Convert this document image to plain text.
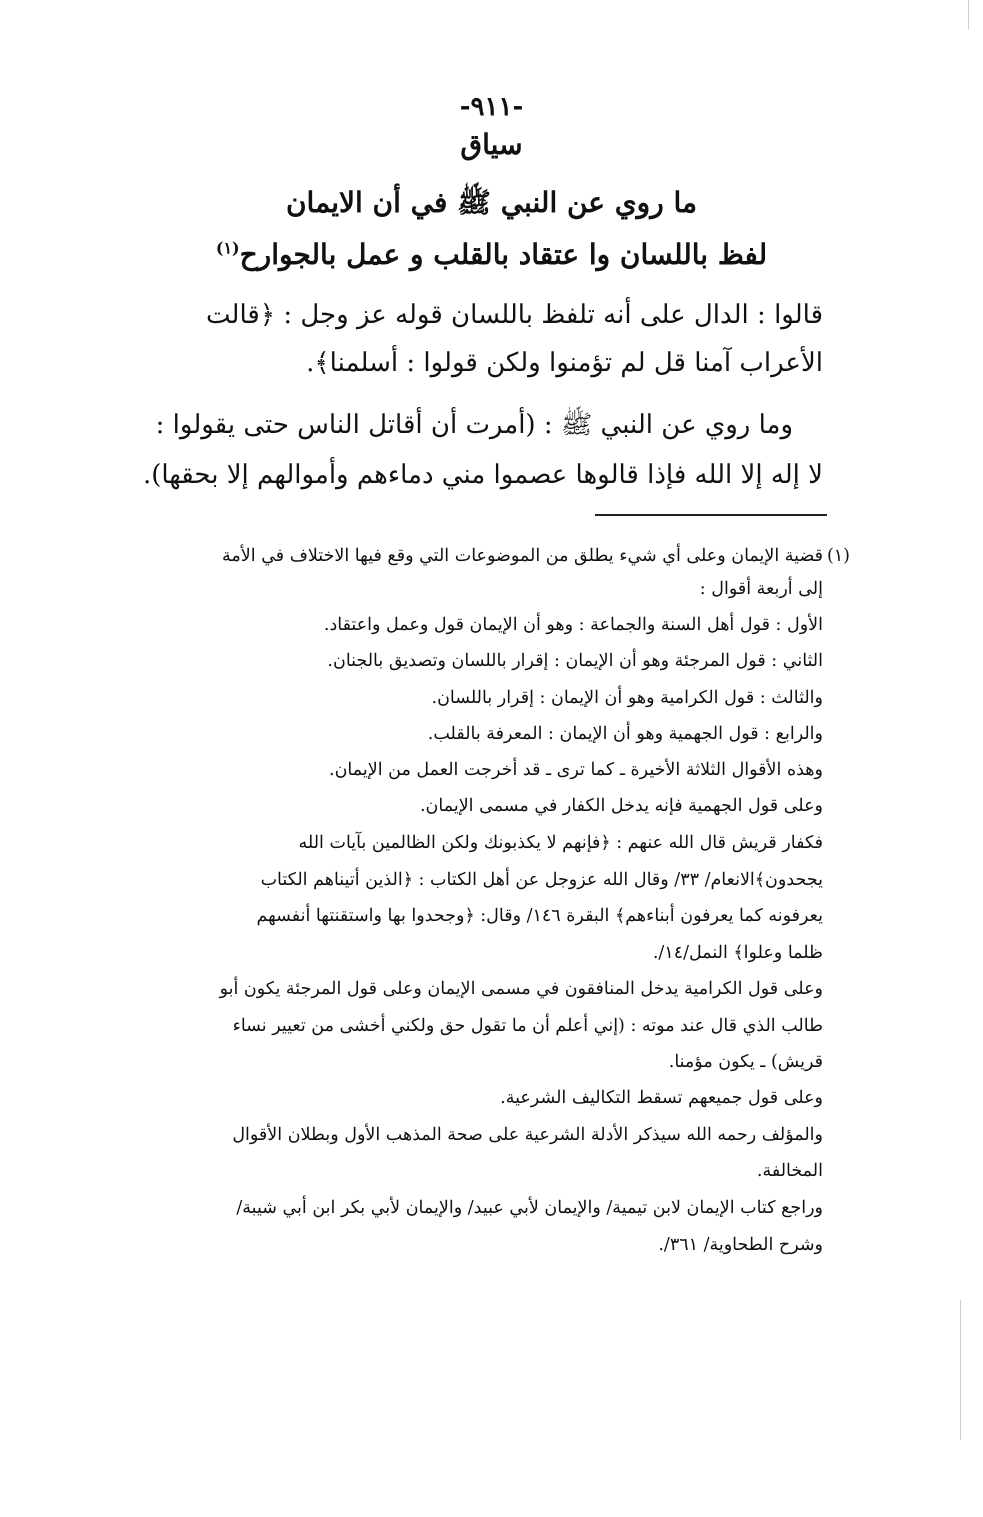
-٩١١-
سياق
ما روي عن النبي ﷺ في أن الايمان
لفظ باللسان وا عتقاد بالقلب و عمل بالجوارح$^{(١)}$
قالوا : الدال على أنه تلفظ باللسان قوله عز وجل : ﴿قالت
الأعراب آمنا قل لم تؤمنوا ولكن قولوا : أسلمنا﴾.
وما روي عن النبي ﷺ : (أمرت أن أقاتل الناس حتى يقولوا :
لا إله إلا الله فإذا قالوها عصموا مني دماءهم وأموالهم إلا بحقها).
(١)
قضية الإيمان وعلى أي شيء يطلق من الموضوعات التي وقع فيها الاختلاف في الأمة
إلى أربعة أقوال :
الأول : قول أهل السنة والجماعة : وهو أن الإيمان قول وعمل واعتقاد.
الثاني : قول المرجئة وهو أن الإيمان : إقرار باللسان وتصديق بالجنان.
والثالث : قول الكرامية وهو أن الإيمان : إقرار باللسان.
والرابع : قول الجهمية وهو أن الإيمان : المعرفة بالقلب.
وهذه الأقوال الثلاثة الأخيرة ـ كما ترى ـ قد أخرجت العمل من الإيمان.
وعلى قول الجهمية فإنه يدخل الكفار في مسمى الإيمان.
فكفار قريش قال الله عنهم : ﴿فإنهم لا يكذبونك ولكن الظالمين بآيات الله
يجحدون﴾الانعام/ ٣٣/ وقال الله عزوجل عن أهل الكتاب : ﴿الذين أتيناهم الكتاب
يعرفونه كما يعرفون أبناءهم﴾ البقرة ١٤٦/ وقال: ﴿وجحدوا بها واستقنتها أنفسهم
ظلما وعلوا﴾ النمل/١٤/.
وعلى قول الكرامية يدخل المنافقون في مسمى الإيمان وعلى قول المرجئة يكون أبو
طالب الذي قال عند موته : (إني أعلم أن ما تقول حق ولكني أخشى من تعيير نساء
قريش) ـ يكون مؤمنا.
وعلى قول جميعهم تسقط التكاليف الشرعية.
والمؤلف رحمه الله سيذكر الأدلة الشرعية على صحة المذهب الأول وبطلان الأقوال
المخالفة.
وراجع كتاب الإيمان لابن تيمية/ والإيمان لأبي عبيد/ والإيمان لأبي بكر ابن أبي شيبة/
وشرح الطحاوية/ ٣٦١/.
